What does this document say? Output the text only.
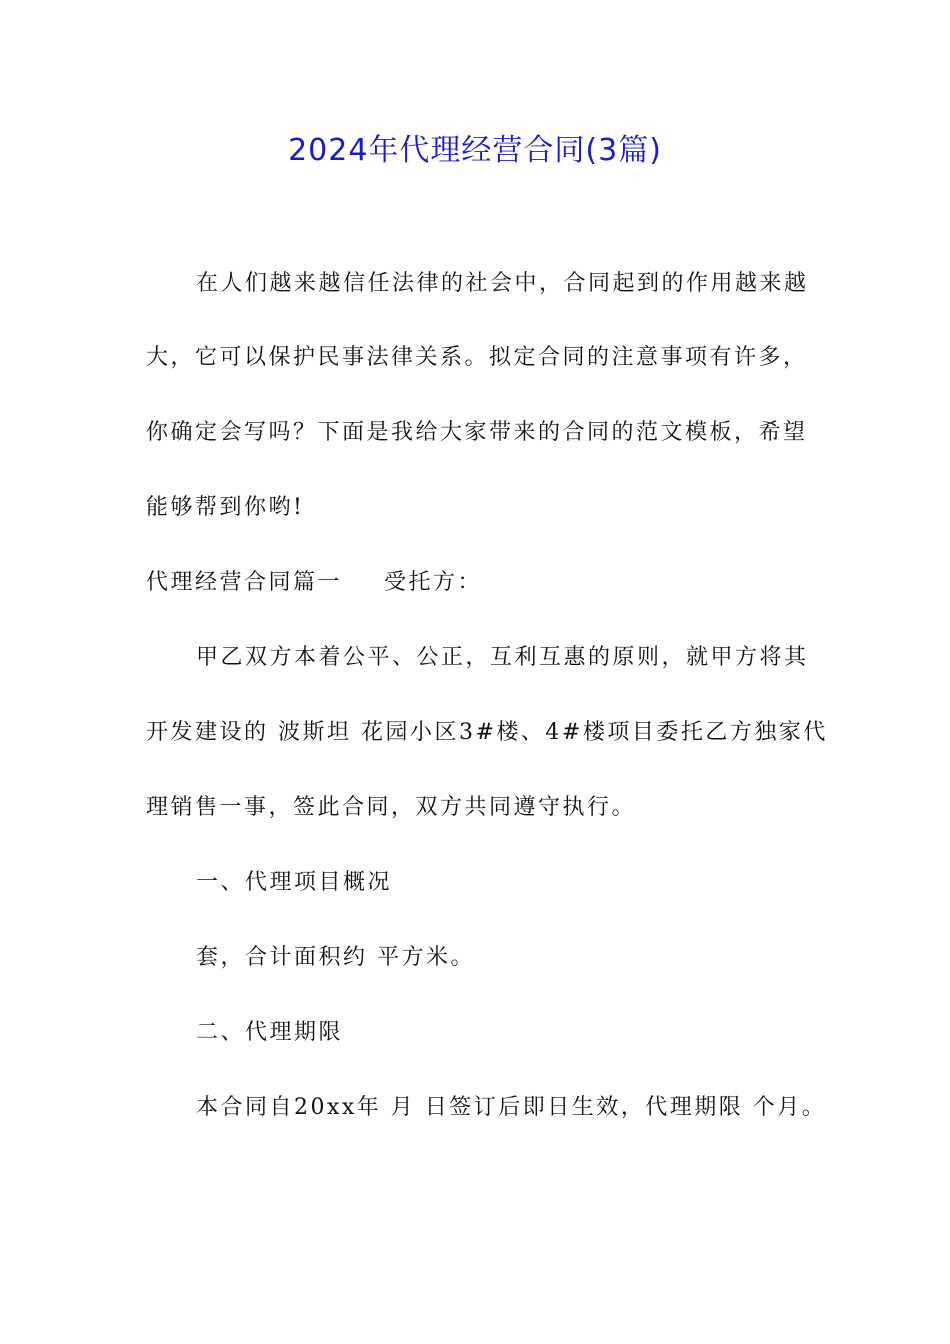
2024年代理经营合同(3篇)

在人们越来越信任法律的社会中，合同起到的作用越来越

大，它可以保护民事法律关系。拟定合同的注意事项有许多，

你确定会写吗？下面是我给大家带来的合同的范文模板，希望

能够帮到你哟!

代理经营合同篇一 受托方：

甲乙双方本着公平、公正，互利互惠的原则，就甲方将其

开发建设的 波斯坦 花园小区3#楼、4#楼项目委托乙方独家代

理销售一事，签此合同，双方共同遵守执行。

一、代理项目概况

套，合计面积约 平方米。

二、代理期限

本合同自20xx年 月 日签订后即日生效，代理期限 个月。
